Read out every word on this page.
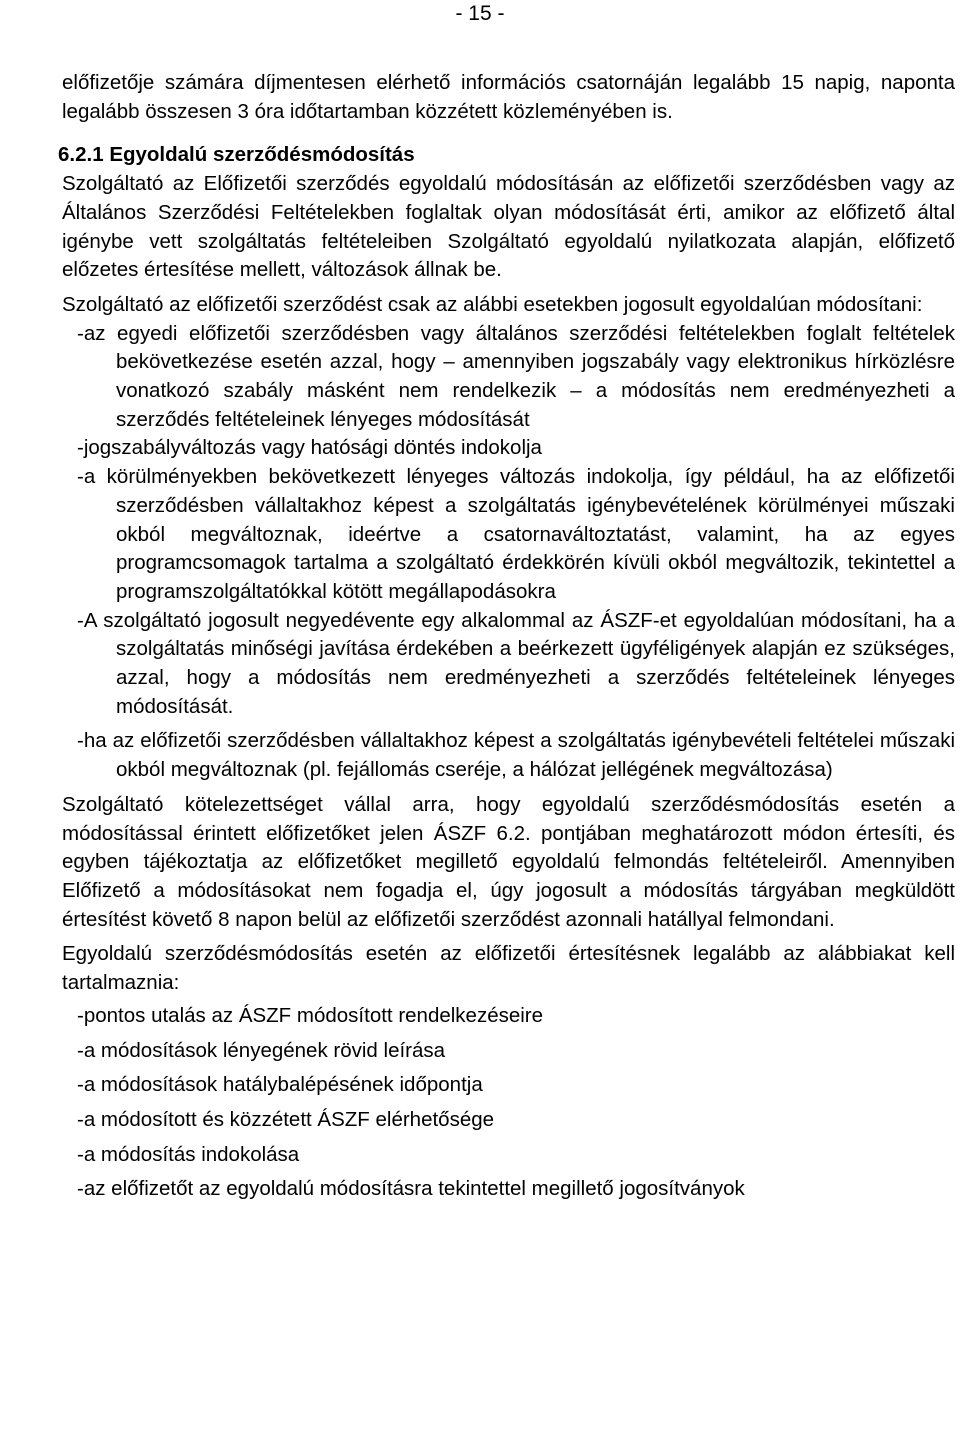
- 15 -

előfizetője számára díjmentesen elérhető információs csatornáján legalább 15 napig, naponta legalább összesen 3 óra időtartamban közzétett közleményében is.

6.2.1 Egyoldalú szerződésmódosítás

Szolgáltató az Előfizetői szerződés egyoldalú módosításán az előfizetői szerződésben vagy az Általános Szerződési Feltételekben foglaltak olyan módosítását érti, amikor az előfizető által igénybe vett szolgáltatás feltételeiben Szolgáltató egyoldalú nyilatkozata alapján, előfizető előzetes értesítése mellett, változások állnak be.

Szolgáltató az előfizetői szerződést csak az alábbi esetekben jogosult egyoldalúan módosítani:

-az egyedi előfizetői szerződésben vagy általános szerződési feltételekben foglalt feltételek bekövetkezése esetén azzal, hogy – amennyiben jogszabály vagy elektronikus hírközlésre vonatkozó szabály másként nem rendelkezik – a módosítás nem eredményezheti a szerződés feltételeinek lényeges módosítását
-jogszabályváltozás vagy hatósági döntés indokolja
-a körülményekben bekövetkezett lényeges változás indokolja, így például, ha az előfizetői szerződésben vállaltakhoz képest a szolgáltatás igénybevételének körülményei műszaki okból megváltoznak, ideértve a csatornaváltoztatást, valamint, ha az egyes programcsomagok tartalma a szolgáltató érdekkörén kívüli okból megváltozik, tekintettel a programszolgáltatókkal kötött megállapodásokra
-A szolgáltató jogosult negyedévente egy alkalommal az ÁSZF-et egyoldalúan módosítani, ha a szolgáltatás minőségi javítása érdekében a beérkezett ügyféligények alapján ez szükséges, azzal, hogy a módosítás nem eredményezheti a szerződés feltételeinek lényeges módosítását.
-ha az előfizetői szerződésben vállaltakhoz képest a szolgáltatás igénybevételi feltételei műszaki okból megváltoznak (pl. fejállomás cseréje, a hálózat jellégének megváltozása)

Szolgáltató kötelezettséget vállal arra, hogy egyoldalú szerződésmódosítás esetén a módosítással érintett előfizetőket jelen ÁSZF 6.2. pontjában meghatározott módon értesíti, és egyben tájékoztatja az előfizetőket megillető egyoldalú felmondás feltételeiről. Amennyiben Előfizető a módosításokat nem fogadja el, úgy jogosult a módosítás tárgyában megküldött értesítést követő 8 napon belül az előfizetői szerződést azonnali hatállyal felmondani.

Egyoldalú szerződésmódosítás esetén az előfizetői értesítésnek legalább az alábbiakat kell tartalmaznia:

-pontos utalás az ÁSZF módosított rendelkezéseire
-a módosítások lényegének rövid leírása
-a módosítások hatálybalépésének időpontja
-a módosított és közzétett ÁSZF elérhetősége
-a módosítás indokolása
-az előfizetőt az egyoldalú módosításra tekintettel megillető jogosítványok
